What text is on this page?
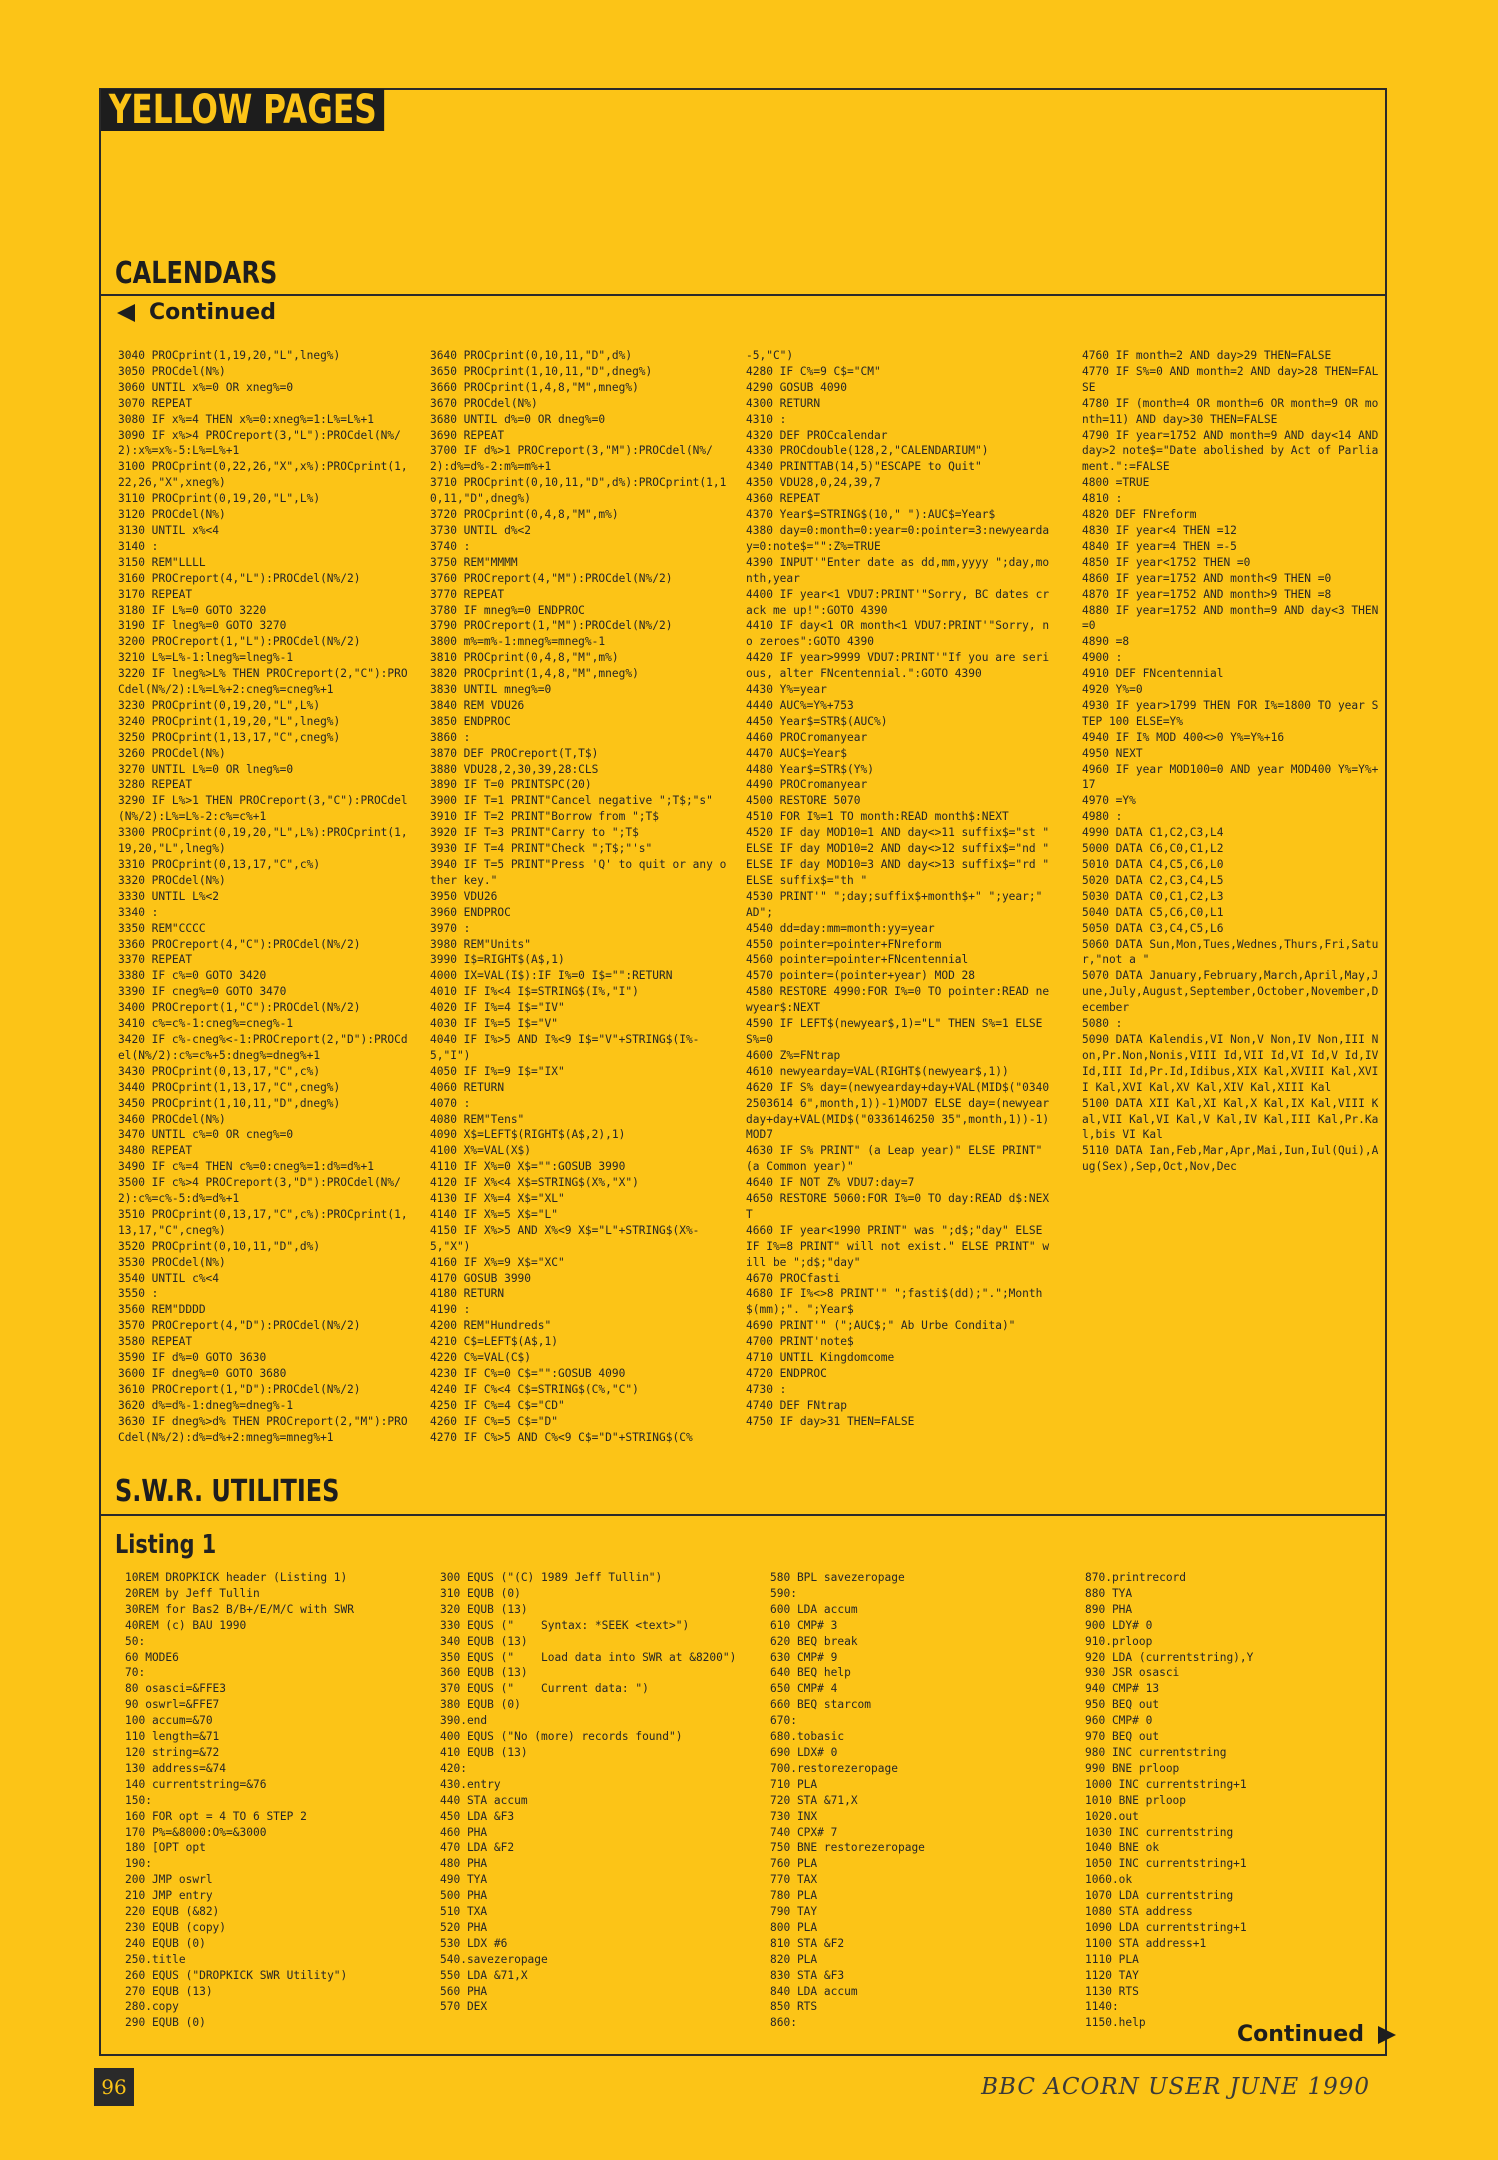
YELLOW PAGES
CALENDARS
Continued
3040 PROCprint(1,19,20,"L",lneg%)
3050 PROCdel(N%)
3060 UNTIL x%=0 OR xneg%=0
3070 REPEAT
3080 IF x%=4 THEN x%=0:xneg%=1:L%=L%+1
3090 IF x%>4 PROCreport(3,"L"):PROCdel(N%/2):x%=x%-5:L%=L%+1
3100 PROCprint(0,22,26,"X",x%):PROCprint(1,22,26,"X",xneg%)
3110 PROCprint(0,19,20,"L",L%)
3120 PROCdel(N%)
3130 UNTIL x%<4
3140 :
3150 REM"LLLL
3160 PROCreport(4,"L"):PROCdel(N%/2)
3170 REPEAT
3180 IF L%=0 GOTO 3220
3190 IF lneg%=0 GOTO 3270
3200 PROCreport(1,"L"):PROCdel(N%/2)
3210 L%=L%-1:lneg%=lneg%-1
3220 IF lneg%>L% THEN PROCreport(2,"C"):PROCdel(N%/2):L%=L%+2:cneg%=cneg%+1
3230 PROCprint(0,19,20,"L",L%)
3240 PROCprint(1,19,20,"L",lneg%)
3250 PROCprint(1,13,17,"C",cneg%)
3260 PROCdel(N%)
3270 UNTIL L%=0 OR lneg%=0
3280 REPEAT
3290 IF L%>1 THEN PROCreport(3,"C"):PROCdel(N%/2):L%=L%-2:c%=c%+1
3300 PROCprint(0,19,20,"L",L%):PROCprint(1,19,20,"L",lneg%)
3310 PROCprint(0,13,17,"C",c%)
3320 PROCdel(N%)
3330 UNTIL L%<2
3340 :
3350 REM"CCCC
3360 PROCreport(4,"C"):PROCdel(N%/2)
3370 REPEAT
3380 IF c%=0 GOTO 3420
3390 IF cneg%=0 GOTO 3470
3400 PROCreport(1,"C"):PROCdel(N%/2)
3410 c%=c%-1:cneg%=cneg%-1
3420 IF c%-cneg%<-1:PROCreport(2,"D"):PROCdel(N%/2):c%=c%+5:dneg%=dneg%+1
3430 PROCprint(0,13,17,"C",c%)
3440 PROCprint(1,13,17,"C",cneg%)
3450 PROCprint(1,10,11,"D",dneg%)
3460 PROCdel(N%)
3470 UNTIL c%=0 OR cneg%=0
3480 REPEAT
3490 IF c%=4 THEN c%=0:cneg%=1:d%=d%+1
3500 IF c%>4 PROCreport(3,"D"):PROCdel(N%/2):c%=c%-5:d%=d%+1
3510 PROCprint(0,13,17,"C",c%):PROCprint(1,13,17,"C",cneg%)
3520 PROCprint(0,10,11,"D",d%)
3530 PROCdel(N%)
3540 UNTIL c%<4
3550 :
3560 REM"DDDD
3570 PROCreport(4,"D"):PROCdel(N%/2)
3580 REPEAT
3590 IF d%=0 GOTO 3630
3600 IF dneg%=0 GOTO 3680
3610 PROCreport(1,"D"):PROCdel(N%/2)
3620 d%=d%-1:dneg%=dneg%-1
3630 IF dneg%>d% THEN PROCreport(2,"M"):PROCdel(N%/2):d%=d%+2:mneg%=mneg%+1
3640 PROCprint(0,10,11,"D",d%)
3650 PROCprint(1,10,11,"D",dneg%)
3660 PROCprint(1,4,8,"M",mneg%)
3670 PROCdel(N%)
3680 UNTIL d%=0 OR dneg%=0
3690 REPEAT
3700 IF d%>1 PROCreport(3,"M"):PROCdel(N%/2):d%=d%-2:m%=m%+1
3710 PROCprint(0,10,11,"D",d%):PROCprint(1,10,11,"D",dneg%)
3720 PROCprint(0,4,8,"M",m%)
3730 UNTIL d%<2
3740 :
3750 REM"MMMM
3760 PROCreport(4,"M"):PROCdel(N%/2)
3770 REPEAT
3780 IF mneg%=0 ENDPROC
3790 PROCreport(1,"M"):PROCdel(N%/2)
3800 m%=m%-1:mneg%=mneg%-1
3810 PROCprint(0,4,8,"M",m%)
3820 PROCprint(1,4,8,"M",mneg%)
3830 UNTIL mneg%=0
3840 REM VDU26
3850 ENDPROC
3860 :
3870 DEF PROCreport(T,T$)
3880 VDU28,2,30,39,28:CLS
3890 IF T=0 PRINTSPC(20)
3900 IF T=1 PRINT"Cancel negative ";T$;"s"
3910 IF T=2 PRINT"Borrow from ";T$
3920 IF T=3 PRINT"Carry to ";T$
3930 IF T=4 PRINT"Check ";T$;"'s"
3940 IF T=5 PRINT"Press 'Q' to quit or any other key."
3950 VDU26
3960 ENDPROC
3970 :
3980 REM"Units"
3990 I$=RIGHT$(A$,1)
4000 IX=VAL(I$):IF I%=0 I$="":RETURN
4010 IF I%<4 I$=STRING$(I%,"I")
4020 IF I%=4 I$="IV"
4030 IF I%=5 I$="V"
4040 IF I%>5 AND I%<9 I$="V"+STRING$(I%-5,"I")
4050 IF I%=9 I$="IX"
4060 RETURN
4070 :
4080 REM"Tens"
4090 X$=LEFT$(RIGHT$(A$,2),1)
4100 X%=VAL(X$)
4110 IF X%=0 X$="":GOSUB 3990
4120 IF X%<4 X$=STRING$(X%,"X")
4130 IF X%=4 X$="XL"
4140 IF X%=5 X$="L"
4150 IF X%>5 AND X%<9 X$="L"+STRING$(X%-5,"X")
4160 IF X%=9 X$="XC"
4170 GOSUB 3990
4180 RETURN
4190 :
4200 REM"Hundreds"
4210 C$=LEFT$(A$,1)
4220 C%=VAL(C$)
4230 IF C%=0 C$="":GOSUB 4090
4240 IF C%<4 C$=STRING$(C%,"C")
4250 IF C%=4 C$="CD"
4260 IF C%=5 C$="D"
4270 IF C%>5 AND C%<9 C$="D"+STRING$(C%
-5,"C")
4280 IF C%=9 C$="CM"
4290 GOSUB 4090
4300 RETURN
4310 :
4320 DEF PROCcalendar
4330 PROCdouble(128,2,"CALENDARIUM")
4340 PRINTTAB(14,5)"ESCAPE to Quit"
4350 VDU28,0,24,39,7
4360 REPEAT
4370 Year$=STRING$(10," "):AUC$=Year$
4380 day=0:month=0:year=0:pointer=3:newyearday=0:note$="":Z%=TRUE
4390 INPUT'"Enter date as dd,mm,yyyy ";day,month,year
4400 IF year<1 VDU7:PRINT'"Sorry, BC dates crack me up!":GOTO 4390
4410 IF day<1 OR month<1 VDU7:PRINT'"Sorry, no zeroes":GOTO 4390
4420 IF year>9999 VDU7:PRINT'"If you are serious, alter FNcentennial.":GOTO 4390
4430 Y%=year
4440 AUC%=Y%+753
4450 Year$=STR$(AUC%)
4460 PROCromanyear
4470 AUC$=Year$
4480 Year$=STR$(Y%)
4490 PROCromanyear
4500 RESTORE 5070
4510 FOR I%=1 TO month:READ month$:NEXT
4520 IF day MOD10=1 AND day<>11 suffix$="st " ELSE IF day MOD10=2 AND day<>12 suffix$="nd " ELSE IF day MOD10=3 AND day<>13 suffix$="rd " ELSE suffix$="th "
4530 PRINT'" ";day;suffix$+month$+" ";year;" AD";
4540 dd=day:mm=month:yy=year
4550 pointer=pointer+FNreform
4560 pointer=pointer+FNcentennial
4570 pointer=(pointer+year) MOD 28
4580 RESTORE 4990:FOR I%=0 TO pointer:READ newyear$:NEXT
4590 IF LEFT$(newyear$,1)="L" THEN S%=1 ELSE S%=0
4600 Z%=FNtrap
4610 newyearday=VAL(RIGHT$(newyear$,1))
4620 IF S% day=(newyearday+day+VAL(MID$("03402503614 6",month,1))-1)MOD7 ELSE day=(newyearday+day+VAL(MID$("0336146250 35",month,1))-1)MOD7
4630 IF S% PRINT" (a Leap year)" ELSE PRINT" (a Common year)"
4640 IF NOT Z% VDU7:day=7
4650 RESTORE 5060:FOR I%=0 TO day:READ d$:NEXT
4660 IF year<1990 PRINT" was ";d$;"day" ELSE IF I%=8 PRINT" will not exist." ELSE PRINT" will be ";d$;"day"
4670 PROCfasti
4680 IF I%<>8 PRINT'" ";fasti$(dd);".";Month$(mm);". ";Year$
4690 PRINT'" (";AUC$;" Ab Urbe Condita)"
4700 PRINT'note$
4710 UNTIL Kingdomcome
4720 ENDPROC
4730 :
4740 DEF FNtrap
4750 IF day>31 THEN=FALSE
4760 IF month=2 AND day>29 THEN=FALSE
4770 IF S%=0 AND month=2 AND day>28 THEN=FALSE
4780 IF (month=4 OR month=6 OR month=9 OR month=11) AND day>30 THEN=FALSE
4790 IF year=1752 AND month=9 AND day<14 AND day>2 note$="Date abolished by Act of Parliament.":=FALSE
4800 =TRUE
4810 :
4820 DEF FNreform
4830 IF year<4 THEN =12
4840 IF year=4 THEN =-5
4850 IF year<1752 THEN =0
4860 IF year=1752 AND month<9 THEN =0
4870 IF year=1752 AND month>9 THEN =8
4880 IF year=1752 AND month=9 AND day<3 THEN =0
4890 =8
4900 :
4910 DEF FNcentennial
4920 Y%=0
4930 IF year>1799 THEN FOR I%=1800 TO year STEP 100 ELSE=Y%
4940 IF I% MOD 400<>0 Y%=Y%+16
4950 NEXT
4960 IF year MOD100=0 AND year MOD400 Y%=Y%+17
4970 =Y%
4980 :
4990 DATA C1,C2,C3,L4
5000 DATA C6,C0,C1,L2
5010 DATA C4,C5,C6,L0
5020 DATA C2,C3,C4,L5
5030 DATA C0,C1,C2,L3
5040 DATA C5,C6,C0,L1
5050 DATA C3,C4,C5,L6
5060 DATA Sun,Mon,Tues,Wednes,Thurs,Fri,Satur,"not a "
5070 DATA January,February,March,April,May,June,July,August,September,October,November,December
5080 :
5090 DATA Kalendis,VI Non,V Non,IV Non,III Non,Pr.Non,Nonis,VIII Id,VII Id,VI Id,V Id,IV Id,III Id,Pr.Id,Idibus,XIX Kal,XVIII Kal,XVII Kal,XVI Kal,XV Kal,XIV Kal,XIII Kal
5100 DATA XII Kal,XI Kal,X Kal,IX Kal,VIII Kal,VII Kal,VI Kal,V Kal,IV Kal,III Kal,Pr.Kal,bis VI Kal
5110 DATA Ian,Feb,Mar,Apr,Mai,Iun,Iul(Qui),Aug(Sex),Sep,Oct,Nov,Dec
S.W.R. UTILITIES
Listing 1
10REM DROPKICK header (Listing 1)
20REM by Jeff Tullin
30REM for Bas2 B/B+/E/M/C with SWR
40REM (c) BAU 1990
50:
60 MODE6
70:
80 osasci=&FFE3
90 oswrl=&FFE7
100 accum=&70
110 length=&71
120 string=&72
130 address=&74
140 currentstring=&76
150:
160 FOR opt = 4 TO 6 STEP 2
170 P%=&8000:O%=&3000
180 [OPT opt
190:
200 JMP oswrl
210 JMP entry
220 EQUB (&82)
230 EQUB (copy)
240 EQUB (0)
250.title
260 EQUS ("DROPKICK SWR Utility")
270 EQUB (13)
280.copy
290 EQUB (0)
300 EQUS ("(C) 1989 Jeff Tullin")
310 EQUB (0)
320 EQUB (13)
330 EQUS ("    Syntax: *SEEK <text>")
340 EQUB (13)
350 EQUS ("    Load data into SWR at &8200")
360 EQUB (13)
370 EQUS ("    Current data: ")
380 EQUB (0)
390.end
400 EQUS ("No (more) records found")
410 EQUB (13)
420:
430.entry
440 STA accum
450 LDA &F3
460 PHA
470 LDA &F2
480 PHA
490 TYA
500 PHA
510 TXA
520 PHA
530 LDX #6
540.savezeropage
550 LDA &71,X
560 PHA
570 DEX
580 BPL savezeropage
590:
600 LDA accum
610 CMP# 3
620 BEQ break
630 CMP# 9
640 BEQ help
650 CMP# 4
660 BEQ starcom
670:
680.tobasic
690 LDX# 0
700.restorezeropage
710 PLA
720 STA &71,X
730 INX
740 CPX# 7
750 BNE restorezeropage
760 PLA
770 TAX
780 PLA
790 TAY
800 PLA
810 STA &F2
820 PLA
830 STA &F3
840 LDA accum
850 RTS
860:
870.printrecord
880 TYA
890 PHA
900 LDY# 0
910.prloop
920 LDA (currentstring),Y
930 JSR osasci
940 CMP# 13
950 BEQ out
960 CMP# 0
970 BEQ out
980 INC currentstring
990 BNE prloop
1000 INC currentstring+1
1010 BNE prloop
1020.out
1030 INC currentstring
1040 BNE ok
1050 INC currentstring+1
1060.ok
1070 LDA currentstring
1080 STA address
1090 LDA currentstring+1
1100 STA address+1
1110 PLA
1120 TAY
1130 RTS
1140:
1150.help	Continued
96	BBC ACORN USER JUNE 1990
